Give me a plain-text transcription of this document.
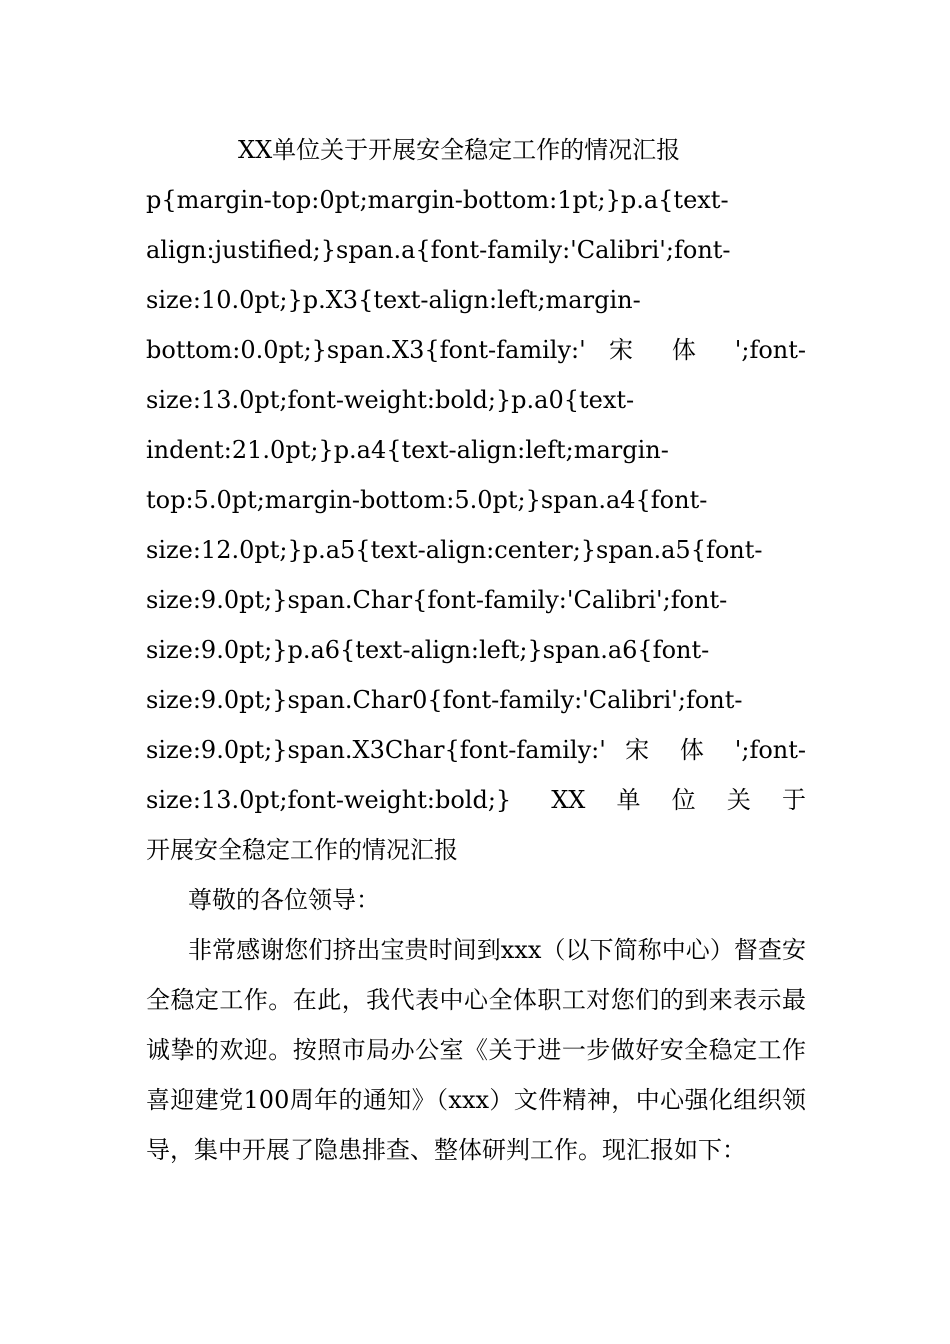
XX单位关于开展安全稳定工作的情况汇报

p{margin-top:0pt;margin-bottom:1pt;}p.a{text-

align:justified;}span.a{font-family:'Calibri';font-

size:10.0pt;}p.X3{text-align:left;margin-

bottom:0.0pt;}span.X3{font-family:' 宋 体 ';font-

size:13.0pt;font-weight:bold;}p.a0{text-

indent:21.0pt;}p.a4{text-align:left;margin-

top:5.0pt;margin-bottom:5.0pt;}span.a4{font-

size:12.0pt;}p.a5{text-align:center;}span.a5{font-

size:9.0pt;}span.Char{font-family:'Calibri';font-

size:9.0pt;}p.a6{text-align:left;}span.a6{font-

size:9.0pt;}span.Char0{font-family:'Calibri';font-

size:9.0pt;}span.X3Char{font-family:' 宋 体 ';font-

size:13.0pt;font-weight:bold;} XX单位关于

开展安全稳定工作的情况汇报

尊敬的各位领导：

非常感谢您们挤出宝贵时间到xxx（以下简称中心）督查安全稳定工作。在此，我代表中心全体职工对您们的到来表示最诚挚的欢迎。按照市局办公室《关于进一步做好安全稳定工作喜迎建党100周年的通知》（xxx）文件精神，中心强化组织领导，集中开展了隐患排查、整体研判工作。现汇报如下：
